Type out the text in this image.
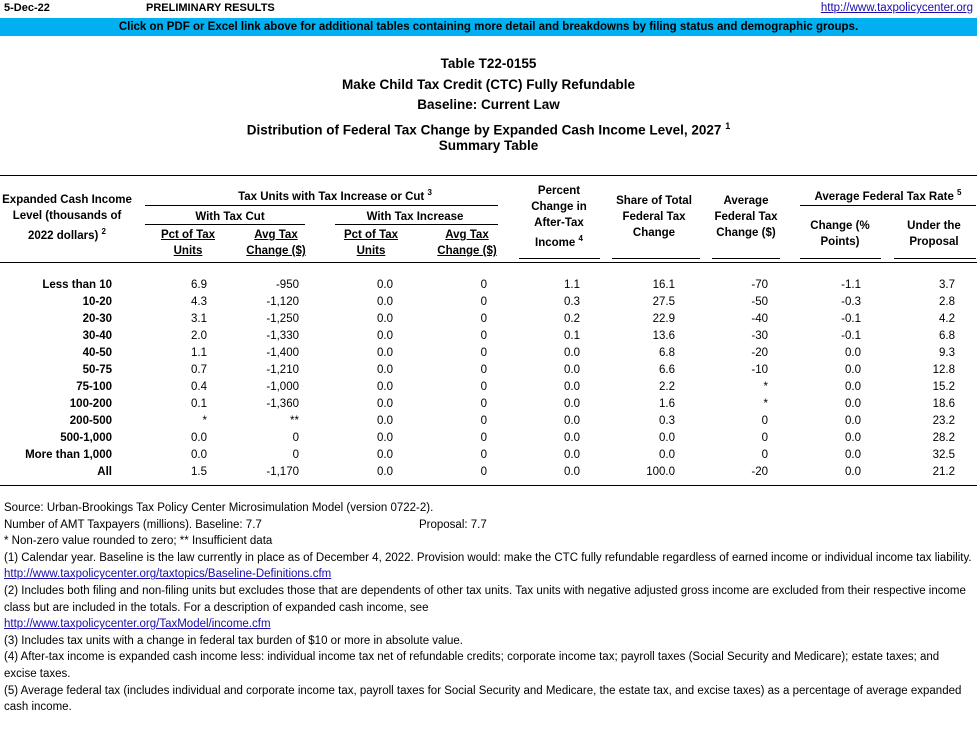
5-Dec-22	PRELIMINARY RESULTS	http://www.taxpolicycenter.org
Click on PDF or Excel link above for additional tables containing more detail and breakdowns by filing status and demographic groups.
Table T22-0155
Make Child Tax Credit (CTC) Fully Refundable
Baseline: Current Law
Distribution of Federal Tax Change by Expanded Cash Income Level, 2027 $^1$
Summary Table
Expanded Cash Income Level (thousands of 2022 dollars) $^2$
Tax Units with Tax Increase or Cut $^3$
With Tax Cut	With Tax Increase
Pct of Tax Units
Avg Tax Change ($)
Pct of Tax Units
Avg Tax Change ($)
Percent Change in After-Tax Income $^4$
Share of Total Federal Tax Change
Average Federal Tax Change ($)
Average Federal Tax Rate $^5$
Change (% Points)
Under the Proposal
Less than 10	6.9	-950	0.0	0	1.1	16.1	-70	-1.1	3.7
10-20	4.3	-1,120	0.0	0	0.3	27.5	-50	-0.3	2.8
20-30	3.1	-1,250	0.0	0	0.2	22.9	-40	-0.1	4.2
30-40	2.0	-1,330	0.0	0	0.1	13.6	-30	-0.1	6.8
40-50	1.1	-1,400	0.0	0	0.0	6.8	-20	0.0	9.3
50-75	0.7	-1,210	0.0	0	0.0	6.6	-10	0.0	12.8
75-100	0.4	-1,000	0.0	0	0.0	2.2	*	0.0	15.2
100-200	0.1	-1,360	0.0	0	0.0	1.6	*	0.0	18.6
200-500	*	**	0.0	0	0.0	0.3	0	0.0	23.2
500-1,000	0.0	0	0.0	0	0.0	0.0	0	0.0	28.2
More than 1,000	0.0	0	0.0	0	0.0	0.0	0	0.0	32.5
All	1.5	-1,170	0.0	0	0.0	100.0	-20	0.0	21.2
Source: Urban-Brookings Tax Policy Center Microsimulation Model (version 0722-2).
Number of AMT Taxpayers (millions). Baseline: 7.7	Proposal: 7.7
* Non-zero value rounded to zero; ** Insufficient data
(1) Calendar year. Baseline is the law currently in place as of December 4, 2022. Provision would: make the CTC fully refundable regardless of earned income or individual income tax liability.
http://www.taxpolicycenter.org/taxtopics/Baseline-Definitions.cfm
(2) Includes both filing and non-filing units but excludes those that are dependents of other tax units. Tax units with negative adjusted gross income are excluded from their respective income class but are included in the totals. For a description of expanded cash income, see
http://www.taxpolicycenter.org/TaxModel/income.cfm
(3) Includes tax units with a change in federal tax burden of $10 or more in absolute value.
(4) After-tax income is expanded cash income less: individual income tax net of refundable credits; corporate income tax; payroll taxes (Social Security and Medicare); estate taxes; and excise taxes.
(5) Average federal tax (includes individual and corporate income tax, payroll taxes for Social Security and Medicare, the estate tax, and excise taxes) as a percentage of average expanded cash income.
